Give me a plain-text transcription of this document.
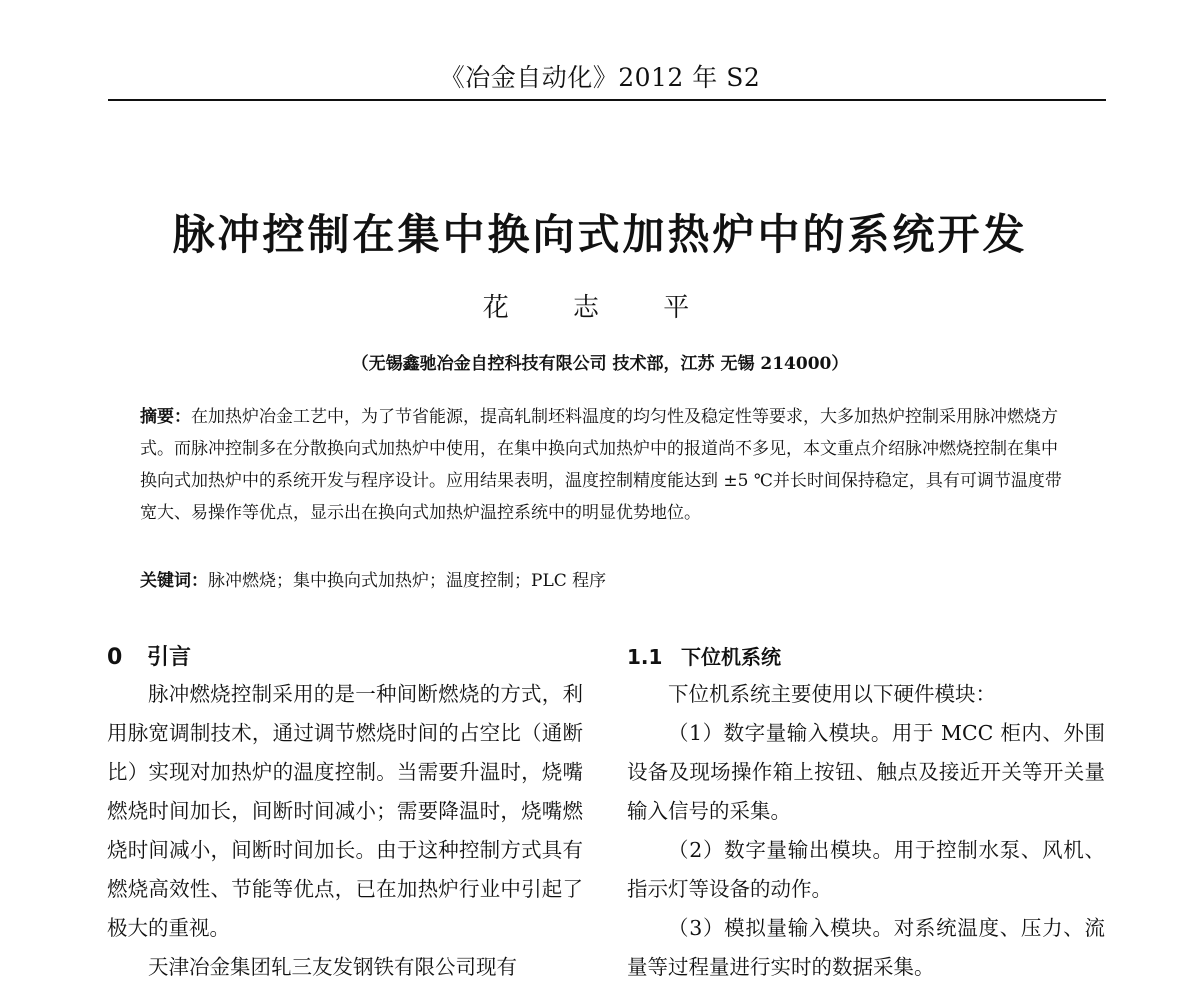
《冶金自动化》2012 年 S2
脉冲控制在集中换向式加热炉中的系统开发
花 志 平
（无锡鑫驰冶金自控科技有限公司 技术部，江苏 无锡 214000）
摘要：在加热炉冶金工艺中，为了节省能源，提高轧制坯料温度的均匀性及稳定性等要求，大多加热炉控制采用脉冲燃烧方式。而脉冲控制多在分散换向式加热炉中使用，在集中换向式加热炉中的报道尚不多见，本文重点介绍脉冲燃烧控制在集中换向式加热炉中的系统开发与程序设计。应用结果表明，温度控制精度能达到 ±5 ℃并长时间保持稳定，具有可调节温度带宽大、易操作等优点，显示出在换向式加热炉温控系统中的明显优势地位。
关键词：脉冲燃烧；集中换向式加热炉；温度控制；PLC 程序
0 引言

脉冲燃烧控制采用的是一种间断燃烧的方式，利用脉宽调制技术，通过调节燃烧时间的占空比（通断比）实现对加热炉的温度控制。当需要升温时，烧嘴燃烧时间加长，间断时间减小；需要降温时，烧嘴燃烧时间减小，间断时间加长。由于这种控制方式具有燃烧高效性、节能等优点，已在加热炉行业中引起了极大的重视。

天津冶金集团轧三友发钢铁有限公司现有

1.1 下位机系统

下位机系统主要使用以下硬件模块：

（1）数字量输入模块。用于 MCC 柜内、外围设备及现场操作箱上按钮、触点及接近开关等开关量输入信号的采集。

（2）数字量输出模块。用于控制水泵、风机、指示灯等设备的动作。

（3）模拟量输入模块。对系统温度、压力、流量等过程量进行实时的数据采集。
